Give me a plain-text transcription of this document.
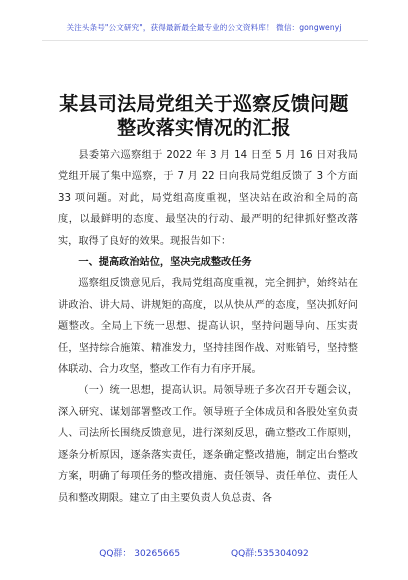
关注头条号"公文研究"，获得最新最全最专业的公文资料库！ 微信：gongwenyj
某县司法局党组关于巡察反馈问题
整改落实情况的汇报

县委第六巡察组于 2022 年 3 月 14 日至 5 月 16 日对我局党组开展了集中巡察，于 7 月 22 日向我局党组反馈了 3 个方面 33 项问题。对此，局党组高度重视，坚决站在政治和全局的高度，以最鲜明的态度、最坚决的行动、最严明的纪律抓好整改落实，取得了良好的效果。现报告如下：

一、提高政治站位，坚决完成整改任务

巡察组反馈意见后，我局党组高度重视，完全拥护，始终站在讲政治、讲大局、讲规矩的高度，以从快从严的态度，坚决抓好问题整改。全局上下统一思想、提高认识，坚持问题导向、压实责任，坚持综合施策、精准发力，坚持挂图作战、对账销号，坚持整体联动、合力攻坚，整改工作有力有序开展。

（一）统一思想，提高认识。局领导班子多次召开专题会议，深入研究、谋划部署整改工作。领导班子全体成员和各股处室负责人、司法所长围绕反馈意见，进行深刻反思，确立整改工作原则，逐条分析原因，逐条落实责任，逐条确定整改措施，制定出台整改方案，明确了每项任务的整改措施、责任领导、责任单位、责任人员和整改期限。建立了由主要负责人负总责、各

QQ群： 30265665	QQ群:535304092
